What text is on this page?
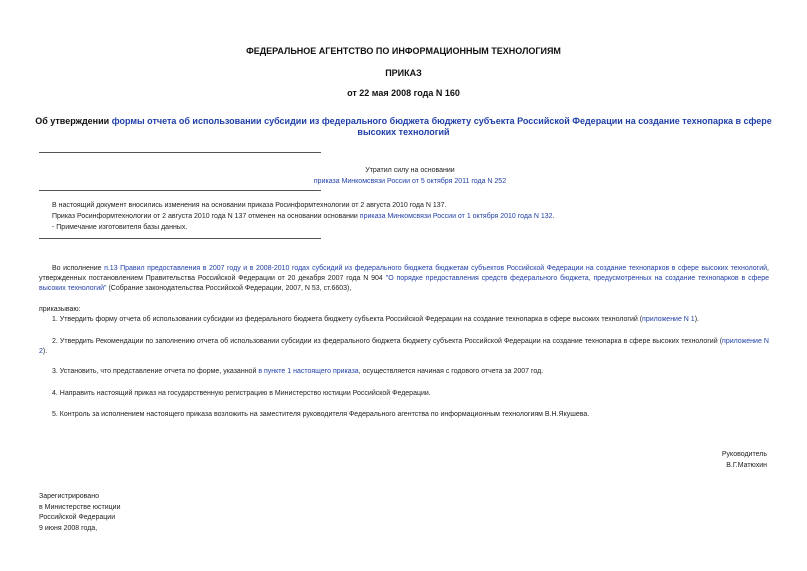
ФЕДЕРАЛЬНОЕ АГЕНТСТВО ПО ИНФОРМАЦИОННЫМ ТЕХНОЛОГИЯМ
ПРИКАЗ
от 22 мая 2008 года N 160
Об утверждении формы отчета об использовании субсидии из федерального бюджета бюджету субъекта Российской Федерации на создание технопарка в сфере высоких технологий
Утратил силу на основании
приказа Минкомсвязи России от 5 октября 2011 года N 252
В настоящий документ вносились изменения на основании приказа Росинформтехнологии от 2 августа 2010 года N 137.
Приказ Росинформтехнологии от 2 августа 2010 года N 137 отменен на основании основании приказа Минкомсвязи России от 1 октября 2010 года N 132.
- Примечание изготовителя базы данных.
Во исполнение п.13 Правил предоставления в 2007 году и в 2008-2010 годах субсидий из федерального бюджета бюджетам субъектов Российской Федерации на создание технопарков в сфере высоких технологий, утвержденных постановлением Правительства Российской Федерации от 20 декабря 2007 года N 904 "О порядке предоставления средств федерального бюджета, предусмотренных на создание технопарков в сфере высоких технологий" (Собрание законодательства Российской Федерации, 2007, N 53, ст.6603),
приказываю:
1. Утвердить форму отчета об использовании субсидии из федерального бюджета бюджету субъекта Российской Федерации на создание технопарка в сфере высоких технологий (приложение N 1).
2. Утвердить Рекомендации по заполнению отчета об использовании субсидии из федерального бюджета бюджету субъекта Российской Федерации на создание технопарка в сфере высоких технологий (приложение N 2).
3. Установить, что представление отчета по форме, указанной в пункте 1 настоящего приказа, осуществляется начиная с годового отчета за 2007 год.
4. Направить настоящий приказ на государственную регистрацию в Министерство юстиции Российской Федерации.
5. Контроль за исполнением настоящего приказа возложить на заместителя руководителя Федерального агентства по информационным технологиям В.Н.Якушева.
Руководитель
В.Г.Матюхин
Зарегистрировано
в Министерстве юстиции
Российской Федерации
9 июня 2008 года,
